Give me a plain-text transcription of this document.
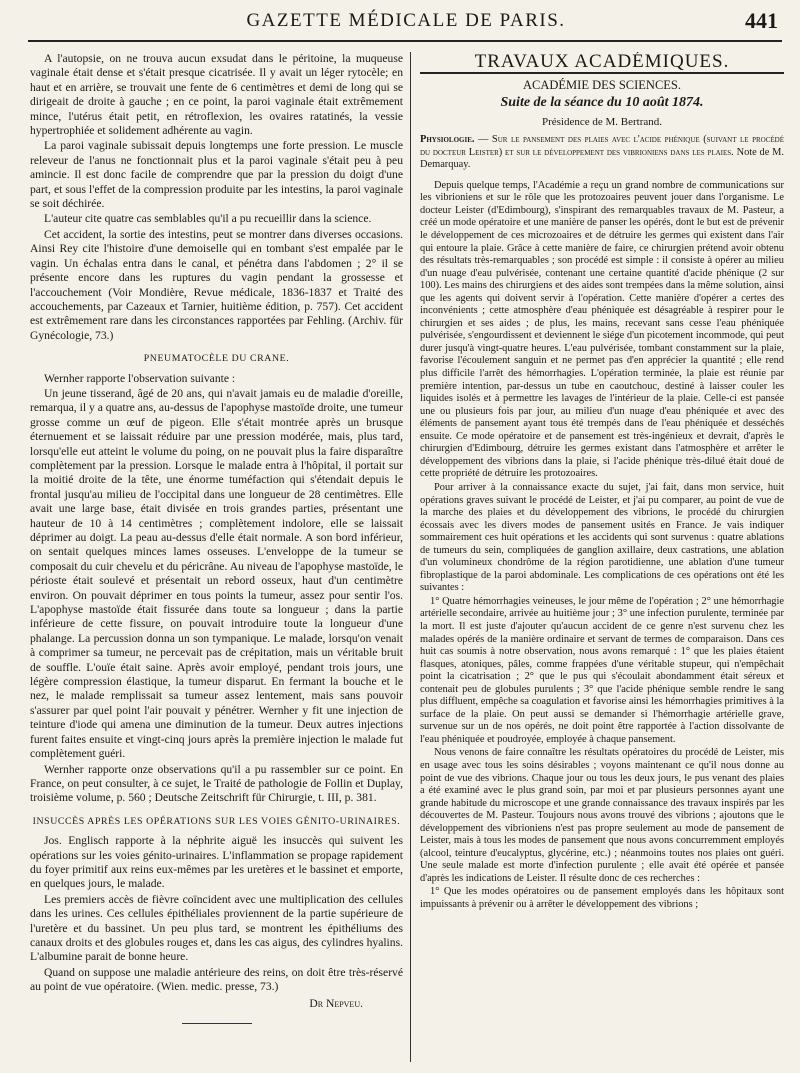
GAZETTE MÉDICALE DE PARIS.	441

A l'autopsie, on ne trouva aucun exsudat dans le péritoine, la muqueuse vaginale était dense et s'était presque cicatrisée. Il y avait un léger rytocèle; en haut et en arrière, se trouvait une fente de 6 centimètres et demi de long qui se dirigeait de droite à gauche ; en ce point, la paroi vaginale était extrêmement mince, l'utérus était petit, en rétroflexion, les ovaires ratatinés, la vessie hypertrophiée et solidement adhérente au vagin.

La paroi vaginale subissait depuis longtemps une forte pression. Le muscle releveur de l'anus ne fonctionnait plus et la paroi vaginale s'était peu à peu amincie. Il est donc facile de comprendre que par la pression du doigt d'une part, et sous l'effet de la compression produite par les intestins, la paroi vaginale se soit déchirée.

L'auteur cite quatre cas semblables qu'il a pu recueillir dans la science.

Cet accident, la sortie des intestins, peut se montrer dans diverses occasions. Ainsi Rey cite l'histoire d'une demoiselle qui en tombant s'est empalée par le vagin. Un échalas entra dans le canal, et pénétra dans l'abdomen ; 2° il se présente encore dans les ruptures du vagin pendant la grossesse et l'accouchement (Voir Mondière, Revue médicale, 1836-1837 et Traité des accouchements, par Cazeaux et Tarnier, huitième édition, p. 757). Cet accident est extrêmement rare dans les circonstances rapportées par Fehling. (Archiv. für Gynécologie, 73.)

PNEUMATOCÈLE DU CRANE.

Wernher rapporte l'observation suivante :

Un jeune tisserand, âgé de 20 ans, qui n'avait jamais eu de maladie d'oreille, remarqua, il y a quatre ans, au-dessus de l'apophyse mastoïde droite, une tumeur grosse comme un œuf de pigeon. Elle s'était montrée après un brusque éternuement et se laissait réduire par une pression modérée, mais, plus tard, lorsqu'elle eut atteint le volume du poing, on ne pouvait plus la faire disparaître complètement par la pression. Lorsque le malade entra à l'hôpital, il portait sur la moitié droite de la tête, une énorme tuméfaction qui s'étendait depuis le frontal jusqu'au milieu de l'occipital dans une longueur de 28 centimètres. Elle avait une large base, était divisée en trois grandes parties, présentant une hauteur de 10 à 14 centimètres ; complètement indolore, elle se laissait déprimer au doigt. La peau au-dessus d'elle était normale. A son bord inférieur, on sentait quelques minces lames osseuses. L'enveloppe de la tumeur se composait du cuir chevelu et du péricrâne. Au niveau de l'apophyse mastoïde, le périoste était soulevé et présentait un rebord osseux, haut d'un centimètre environ. On pouvait déprimer en tous points la tumeur, assez pour sentir l'os. L'apophyse mastoïde était fissurée dans toute sa longueur ; dans la partie inférieure de cette fissure, on pouvait introduire toute la longueur d'une phalange. La percussion donna un son tympanique. Le malade, lorsqu'on venait à comprimer sa tumeur, ne percevait pas de crépitation, mais un véritable bruit de souffle. L'ouïe était saine. Après avoir employé, pendant trois jours, une légère compression élastique, la tumeur disparut. En fermant la bouche et le nez, le malade remplissait sa tumeur assez lentement, mais sans pouvoir s'assurer par quel point l'air pouvait y pénétrer. Wernher y fit une injection de teinture d'iode qui amena une diminution de la tumeur. Deux autres injections furent faites ensuite et vingt-cinq jours après la première injection le malade fut complètement guéri.

Wernher rapporte onze observations qu'il a pu rassembler sur ce point. En France, on peut consulter, à ce sujet, le Traité de pathologie de Follin et Duplay, troisième volume, p. 560 ; Deutsche Zeitschrift für Chirurgie, t. III, p. 381.

INSUCCÈS APRÈS LES OPÉRATIONS SUR LES VOIES GÉNITO-URINAIRES.

Jos. Englisch rapporte à la néphrite aiguë les insuccès qui suivent les opérations sur les voies génito-urinaires. L'inflammation se propage rapidement du foyer primitif aux reins eux-mêmes par les uretères et le bassinet et emporte, en quelques jours, le malade.

Les premiers accès de fièvre coïncident avec une multiplication des cellules dans les urines. Ces cellules épithéliales proviennent de la partie supérieure de l'uretère et du bassinet. Un peu plus tard, se montrent les épithéliums des canaux droits et des globules rouges et, dans les cas aigus, des cylindres hyalins. L'albumine parait de bonne heure.

Quand on suppose une maladie antérieure des reins, on doit être très-réservé au point de vue opératoire. (Wien. medic. presse, 73.)

Dr Nepveu.
TRAVAUX ACADÉMIQUES.
ACADÉMIE DES SCIENCES.
Suite de la séance du 10 août 1874.
Présidence de M. Bertrand.

Physiologie. — Sur le pansement des plaies avec l'acide phénique (suivant le procédé du docteur Leister) et sur le développement des vibrioniens dans les plaies. Note de M. Demarquay.

Depuis quelque temps, l'Académie a reçu un grand nombre de communications sur les vibrioniens et sur le rôle que les protozoaires peuvent jouer dans l'organisme. Le docteur Leister (d'Edimbourg), s'inspirant des remarquables travaux de M. Pasteur, a créé un mode opératoire et une manière de panser les opérés, dont le but est de prévenir le développement de ces microzoaires et de détruire les germes qui existent dans l'air qui entoure la plaie. Grâce à cette manière de faire, ce chirurgien prétend avoir obtenu des résultats très-remarquables ; son procédé est simple : il consiste à opérer au milieu d'un nuage d'eau pulvérisée, contenant une certaine quantité d'acide phénique (2 sur 100). Les mains des chirurgiens et des aides sont trempées dans la même solution, ainsi que les agents qui doivent servir à l'opération. Cette manière d'opérer a certes des inconvénients ; cette atmosphère d'eau phéniquée est désagréable à respirer pour le chirurgien et ses aides ; de plus, les mains, recevant sans cesse l'eau phéniquée pulvérisée, s'engourdissent et deviennent le siége d'un picotement incommode, qui peut durer jusqu'à vingt-quatre heures. L'eau pulvérisée, tombant constamment sur la plaie, favorise l'écoulement sanguin et ne permet pas d'en apprécier la quantité ; elle rend plus difficile l'arrêt des hémorrhagies. L'opération terminée, la plaie est réunie par première intention, par-dessus un tube en caoutchouc, destiné à laisser couler les liquides isolés et à permettre les lavages de l'intérieur de la plaie. Celle-ci est pansée une ou plusieurs fois par jour, au milieu d'un nuage d'eau phéniquée et avec des éléments de pansement ayant tous été trempés dans de l'eau phéniquée et desséchés ensuite. Ce mode opératoire et de pansement est très-ingénieux et devrait, d'après le chirurgien d'Edimbourg, détruire les germes existant dans l'atmosphère et arrêter le développement des vibrions dans la plaie, si l'acide phénique très-dilué était doué de cette propriété de détruire les protozoaires.

Pour arriver à la connaissance exacte du sujet, j'ai fait, dans mon service, huit opérations graves suivant le procédé de Leister, et j'ai pu comparer, au point de vue de la marche des plaies et du développement des vibrions, le procédé du chirurgien écossais avec les divers modes de pansement usités en France. Je vais indiquer sommairement ces huit opérations et les accidents qui sont survenus : quatre ablations de tumeurs du sein, compliquées de ganglion axillaire, deux castrations, une ablation d'un volumineux chondrôme de la région parotidienne, une ablation d'une tumeur fibroplastique de la paroi abdominale. Les complications de ces opérations ont été les suivantes :

1° Quatre hémorrhagies veineuses, le jour même de l'opération ; 2° une hémorrhagie artérielle secondaire, arrivée au huitième jour ; 3° une infection purulente, terminée par la mort. Il est juste d'ajouter qu'aucun accident de ce genre n'est survenu chez les malades opérés de la manière ordinaire et servant de termes de comparaison. Dans ces huit cas soumis à notre observation, nous avons remarqué : 1° que les plaies étaient flasques, atoniques, pâles, comme frappées d'une véritable stupeur, qui n'empêchait point la cicatrisation ; 2° que le pus qui s'écoulait abondamment était séreux et contenait peu de globules purulents ; 3° que l'acide phénique semble rendre le sang plus diffluent, empêche sa coagulation et favorise ainsi les hémorrhagies primitives à la surface de la plaie. On peut aussi se demander si l'hémorrhagie artérielle grave, survenue sur un de nos opérés, ne doit point être rapportée à l'action dissolvante de l'eau phéniquée et poudroyée, employée à chaque pansement.

Nous venons de faire connaître les résultats opératoires du procédé de Leister, mis en usage avec tous les soins désirables ; voyons maintenant ce qu'il nous donne au point de vue des vibrions. Chaque jour ou tous les deux jours, le pus venant des plaies a été examiné avec le plus grand soin, par moi et par plusieurs personnes ayant une grande habitude du microscope et une grande connaissance des travaux inspirés par les découvertes de M. Pasteur. Toujours nous avons trouvé des vibrions ; ajoutons que le développement des vibrioniens n'est pas propre seulement au mode de pansement de Leister, mais à tous les modes de pansement que nous avons concurremment employés (alcool, teinture d'eucalyptus, glycérine, etc.) ; néanmoins toutes nos plaies ont guéri. Une seule malade est morte d'infection purulente ; elle avait été opérée et pansée d'après les indications de Leister. Il résulte donc de ces recherches :

1° Que les modes opératoires ou de pansement employés dans les hôpitaux sont impuissants à prévenir ou à arrêter le développement des vibrions ;
